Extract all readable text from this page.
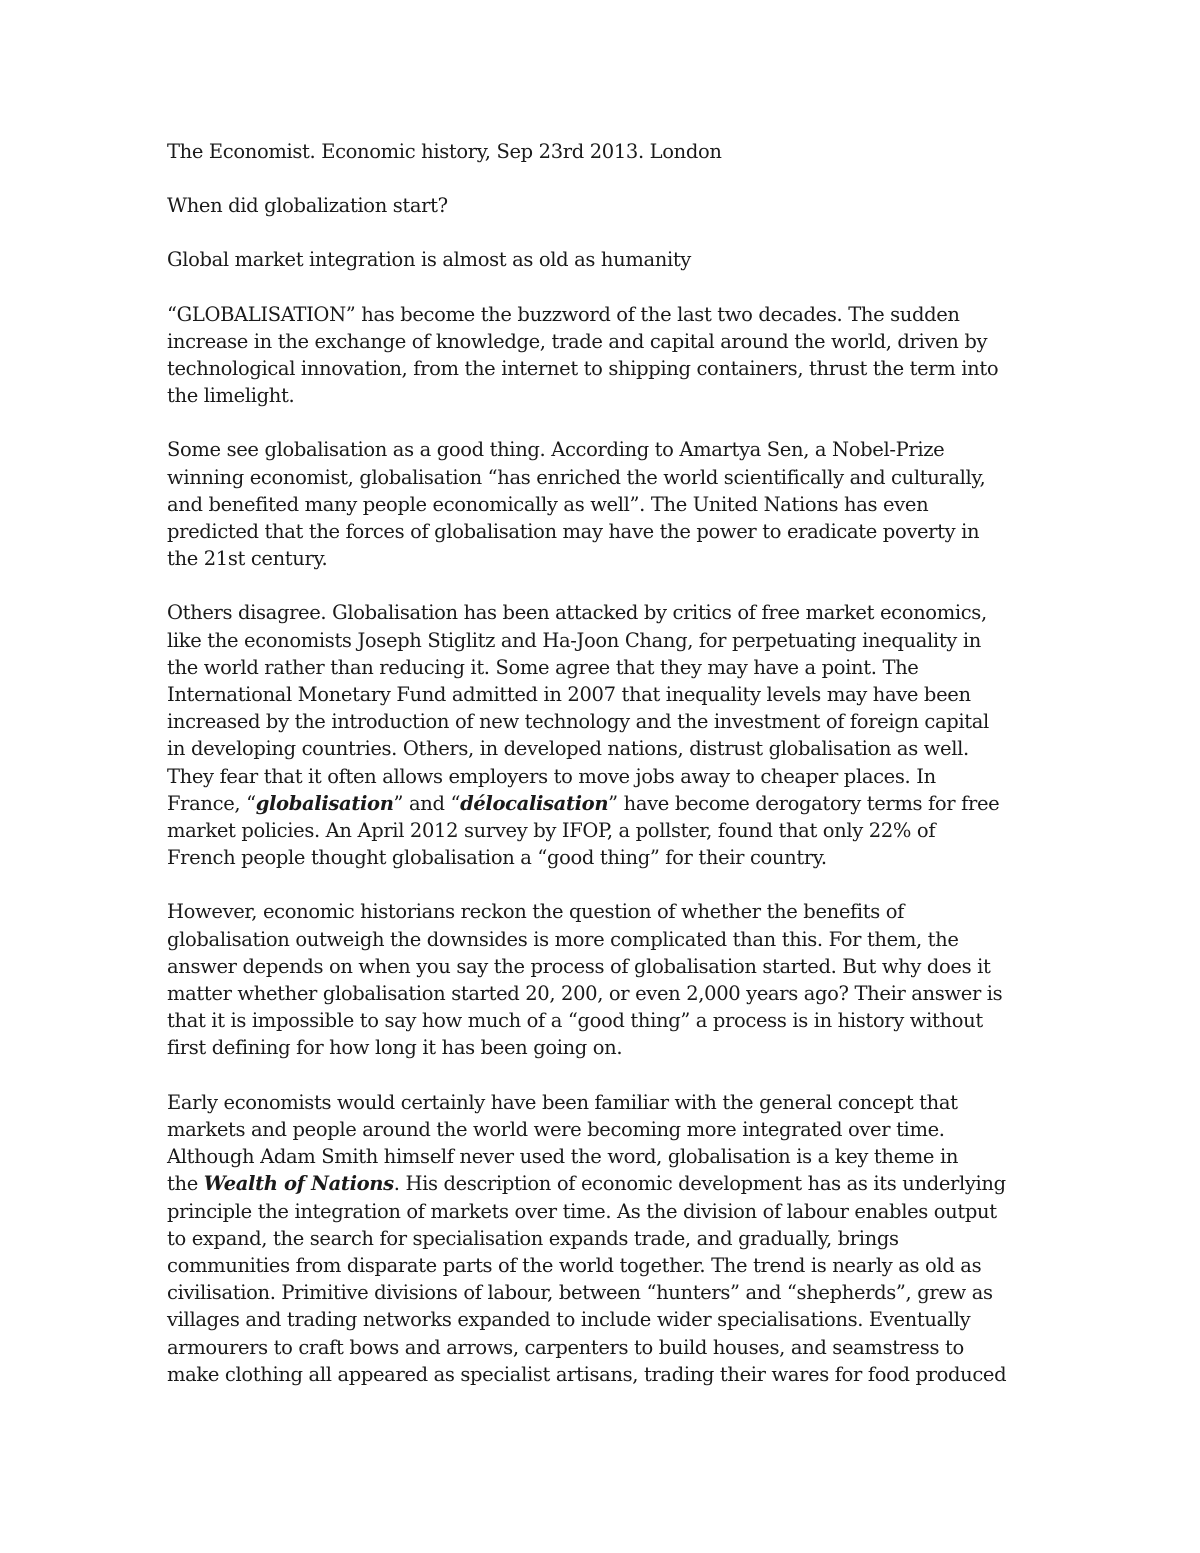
The Economist. Economic history, Sep 23rd 2013. London

When did globalization start?

Global market integration is almost as old as humanity

“GLOBALISATION” has become the buzzword of the last two decades. The sudden
increase in the exchange of knowledge, trade and capital around the world, driven by
technological innovation, from the internet to shipping containers, thrust the term into
the limelight.

Some see globalisation as a good thing. According to Amartya Sen, a Nobel-Prize
winning economist, globalisation “has enriched the world scientifically and culturally,
and benefited many people economically as well”. The United Nations has even
predicted that the forces of globalisation may have the power to eradicate poverty in
the 21st century.

Others disagree. Globalisation has been attacked by critics of free market economics,
like the economists Joseph Stiglitz and Ha-Joon Chang, for perpetuating inequality in
the world rather than reducing it. Some agree that they may have a point. The
International Monetary Fund admitted in 2007 that inequality levels may have been
increased by the introduction of new technology and the investment of foreign capital
in developing countries. Others, in developed nations, distrust globalisation as well.
They fear that it often allows employers to move jobs away to cheaper places. In
France, “globalisation” and “délocalisation” have become derogatory terms for free
market policies. An April 2012 survey by IFOP, a pollster, found that only 22% of
French people thought globalisation a “good thing” for their country.

However, economic historians reckon the question of whether the benefits of
globalisation outweigh the downsides is more complicated than this. For them, the
answer depends on when you say the process of globalisation started. But why does it
matter whether globalisation started 20, 200, or even 2,000 years ago? Their answer is
that it is impossible to say how much of a “good thing” a process is in history without
first defining for how long it has been going on.

Early economists would certainly have been familiar with the general concept that
markets and people around the world were becoming more integrated over time.
Although Adam Smith himself never used the word, globalisation is a key theme in
the Wealth of Nations. His description of economic development has as its underlying
principle the integration of markets over time. As the division of labour enables output
to expand, the search for specialisation expands trade, and gradually, brings
communities from disparate parts of the world together. The trend is nearly as old as
civilisation. Primitive divisions of labour, between “hunters” and “shepherds”, grew as
villages and trading networks expanded to include wider specialisations. Eventually
armourers to craft bows and arrows, carpenters to build houses, and seamstress to
make clothing all appeared as specialist artisans, trading their wares for food produced
